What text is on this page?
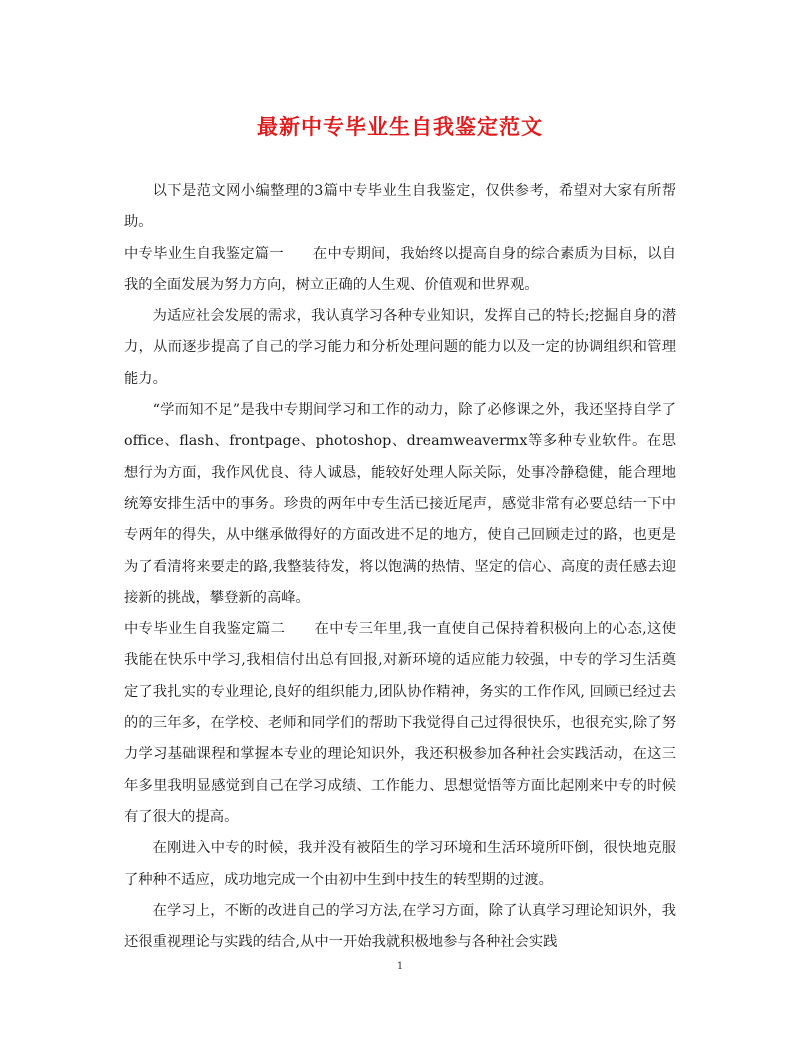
最新中专毕业生自我鉴定范文

以下是范文网小编整理的3篇中专毕业生自我鉴定，仅供参考，希望对大家有所帮助。

中专毕业生自我鉴定篇一　　在中专期间，我始终以提高自身的综合素质为目标，以自我的全面发展为努力方向，树立正确的人生观、价值观和世界观。

为适应社会发展的需求，我认真学习各种专业知识，发挥自己的特长;挖掘自身的潜力，从而逐步提高了自己的学习能力和分析处理问题的能力以及一定的协调组织和管理能力。

“学而知不足”是我中专期间学习和工作的动力，除了必修课之外，我还坚持自学了office、flash、frontpage、photoshop、dreamweavermx等多种专业软件。在思想行为方面，我作风优良、待人诚恳，能较好处理人际关际，处事冷静稳健，能合理地统筹安排生活中的事务。珍贵的两年中专生活已接近尾声，感觉非常有必要总结一下中专两年的得失，从中继承做得好的方面改进不足的地方，使自己回顾走过的路，也更是为了看清将来要走的路,我整装待发，将以饱满的热情、坚定的信心、高度的责任感去迎接新的挑战，攀登新的高峰。

中专毕业生自我鉴定篇二　　在中专三年里,我一直使自己保持着积极向上的心态,这使我能在快乐中学习,我相信付出总有回报,对新环境的适应能力较强，中专的学习生活奠定了我扎实的专业理论,良好的组织能力,团队协作精神，务实的工作作风, 回顾已经过去的的三年多，在学校、老师和同学们的帮助下我觉得自己过得很快乐，也很充实,除了努力学习基础课程和掌握本专业的理论知识外，我还积极参加各种社会实践活动，在这三年多里我明显感觉到自己在学习成绩、工作能力、思想觉悟等方面比起刚来中专的时候有了很大的提高。

在刚进入中专的时候，我并没有被陌生的学习环境和生活环境所吓倒，很快地克服了种种不适应，成功地完成一个由初中生到中技生的转型期的过渡。

在学习上，不断的改进自己的学习方法,在学习方面，除了认真学习理论知识外，我还很重视理论与实践的结合,从中一开始我就积极地参与各种社会实践

1
